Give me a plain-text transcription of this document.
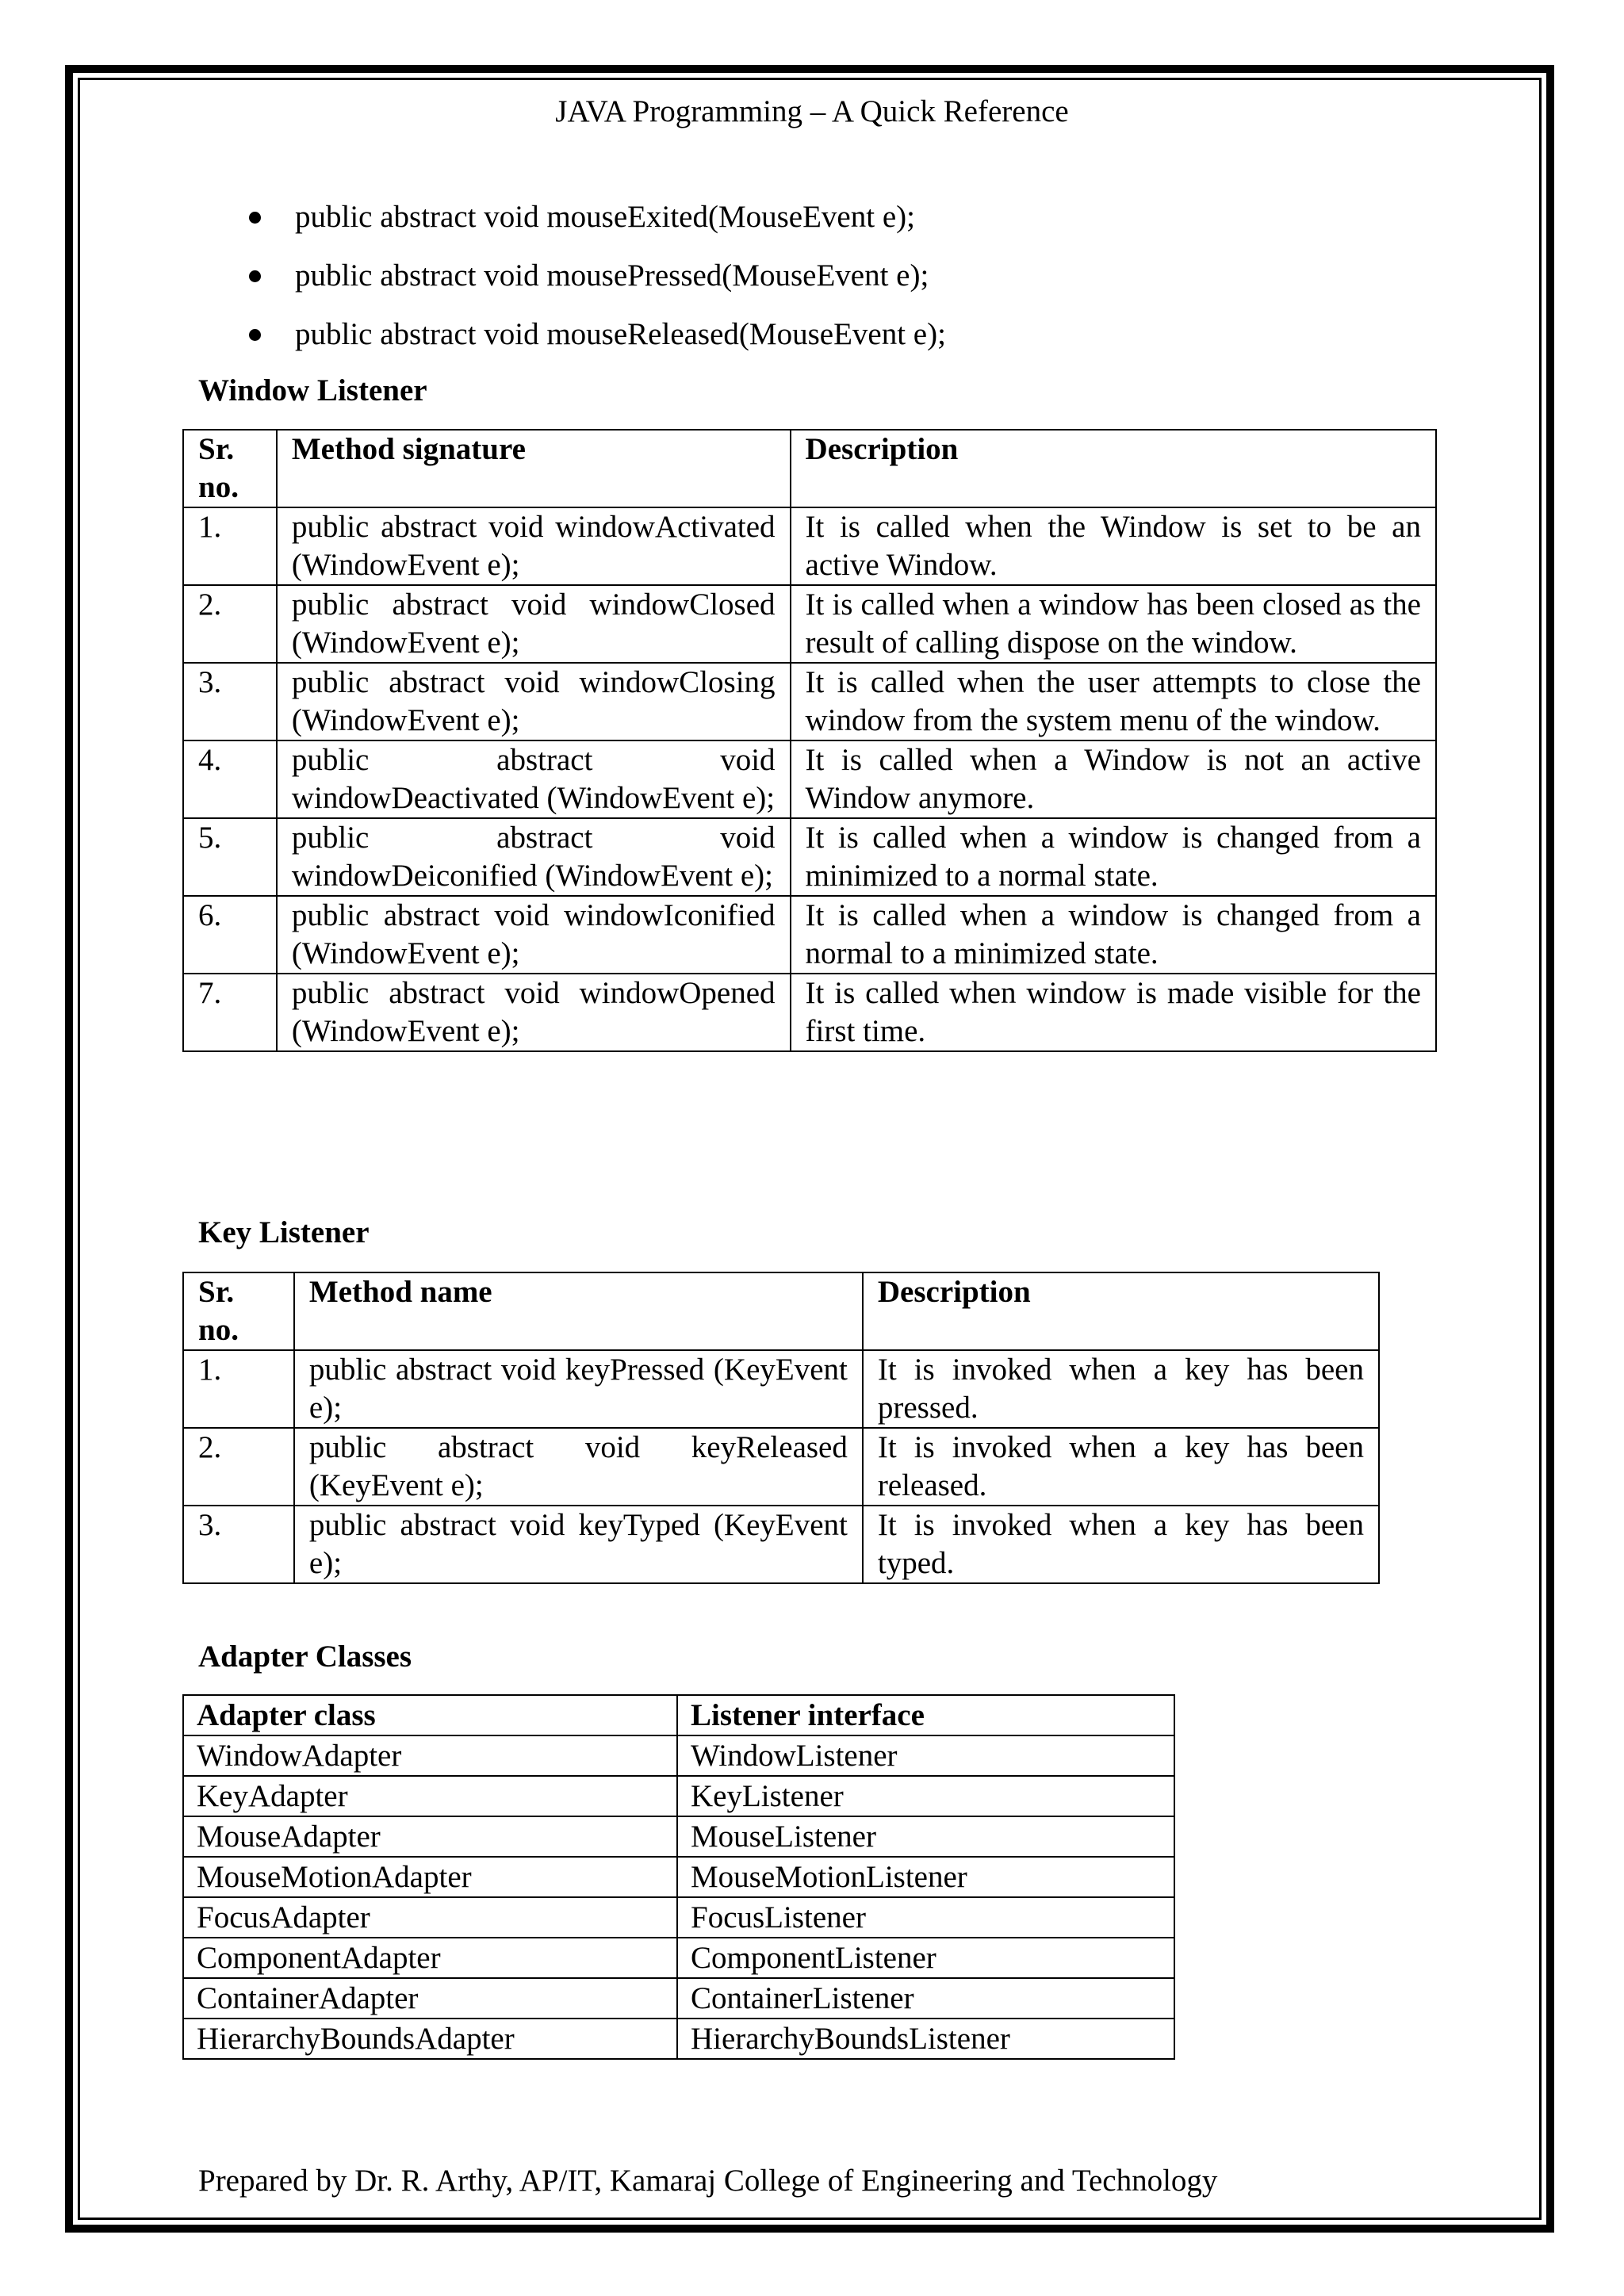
JAVA Programming – A Quick Reference
public abstract void mouseExited(MouseEvent e);
public abstract void mousePressed(MouseEvent e);
public abstract void mouseReleased(MouseEvent e);
Window Listener
Sr. no.	Method signature	Description
1.	public abstract void windowActivated (WindowEvent e);	It is called when the Window is set to be an active Window.
2.	public abstract void windowClosed (WindowEvent e);	It is called when a window has been closed as the result of calling dispose on the window.
3.	public abstract void windowClosing (WindowEvent e);	It is called when the user attempts to close the window from the system menu of the window.
4.	public abstract void windowDeactivated (WindowEvent e);	It is called when a Window is not an active Window anymore.
5.	public abstract void windowDeiconified (WindowEvent e);	It is called when a window is changed from a minimized to a normal state.
6.	public abstract void windowIconified (WindowEvent e);	It is called when a window is changed from a normal to a minimized state.
7.	public abstract void windowOpened (WindowEvent e);	It is called when window is made visible for the first time.
Key Listener
Sr. no.	Method name	Description
1.	public abstract void keyPressed (KeyEvent e);	It is invoked when a key has been pressed.
2.	public abstract void keyReleased (KeyEvent e);	It is invoked when a key has been released.
3.	public abstract void keyTyped (KeyEvent e);	It is invoked when a key has been typed.
Adapter Classes
Adapter class	Listener interface
WindowAdapter	WindowListener
KeyAdapter	KeyListener
MouseAdapter	MouseListener
MouseMotionAdapter	MouseMotionListener
FocusAdapter	FocusListener
ComponentAdapter	ComponentListener
ContainerAdapter	ContainerListener
HierarchyBoundsAdapter	HierarchyBoundsListener
Prepared by Dr. R. Arthy, AP/IT, Kamaraj College of Engineering and Technology
